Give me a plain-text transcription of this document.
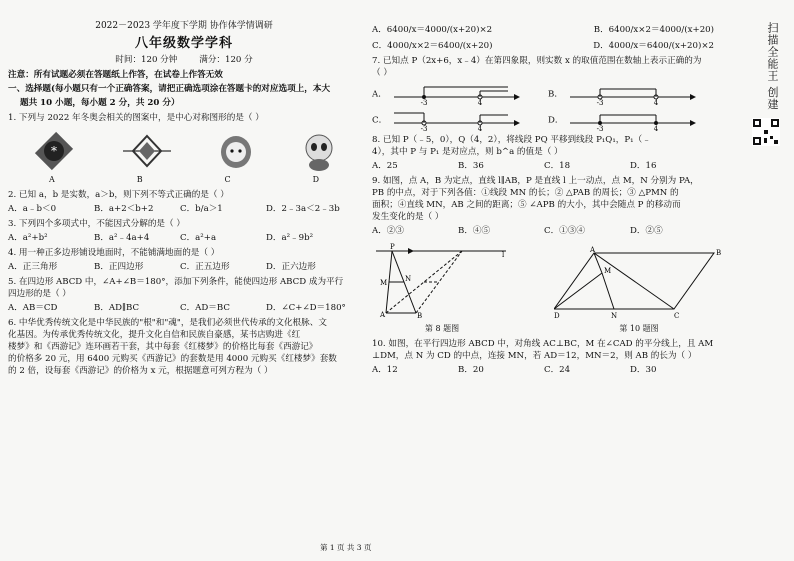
2022－2023 学年度下学期 协作体学情调研
八年级数学学科
时间：120 分钟	满分：120 分
注意：所有试题必须在答题纸上作答，在试卷上作答无效
一、选择题(每小题只有一个正确答案，请把正确选项涂在答题卡的对应选项上，本大
题共 10 小题，每小题 2 分，共 20 分）
1. 下列与 2022 年冬奥会相关的图案中，是中心对称图形的是（ ）
*
A	B	C	D
2. 已知 a，b 是实数，a＞b，则下列不等式正确的是（ ）
A．a﹣b＜0	B．a+2＜b+2	C．b/a＞1	D．2﹣3a＜2﹣3b
3. 下列四个多项式中，不能因式分解的是（ ）
A．a²+b²	B．a²﹣4a+4	C．a²+a	D．a²﹣9b²
4. 用一种正多边形铺设地面时，不能铺满地面的是（ ）
A．正三角形	B．正四边形	C．正五边形	D．正六边形
5. 在四边形 ABCD 中，∠A+∠B＝180°，添加下列条件，能使四边形 ABCD 成为平行
四边形的是（ ）
A．AB＝CD	B．AD∥BC	C．AD＝BC	D．∠C+∠D＝180°
6. 中华优秀传统文化是中华民族的"根"和"魂"，是我们必须世代传承的文化根脉、文
化基因。为传承优秀传统文化，提升文化自信和民族自豪感，某书店购进《红
楼梦》和《西游记》连环画若干套，其中每套《红楼梦》的价格比每套《西游记》
的价格多 20 元，用 6400 元购买《西游记》的套数是用 4000 元购买《红楼梦》套数
的 2 倍，设每套《西游记》的价格为 x 元，根据题意可列方程为（ ）
A．6400/x＝4000/(x+20)×2	B．6400/x×2＝4000/(x+20)
C．4000/x×2＝6400/(x+20)	D．4000/x＝6400/(x+20)×2
7. 已知点 P（2x+6，x﹣4）在第四象限，则实数 x 的取值范围在数轴上表示正确的为
（ ）
A．
-3	4
B．
-3	4
C．
-3	4
D．
-3	4
8. 已知 P（﹣5，0），Q（4，2），将线段 PQ 平移到线段 P₁Q₁，P₁（﹣
4），其中 P 与 P₁ 是对应点，则 b^a 的值是（ ）
A．25	B．36	C．18	D．16
9. 如图，点 A，B 为定点，直线 l∥AB，P 是直线 l 上一动点，点 M，N 分别为 PA，
PB 的中点，对于下列各值：①线段 MN 的长；② △PAB 的周长；③ △PMN 的
面积；④直线 MN，AB 之间的距离；⑤ ∠APB 的大小，其中会随点 P 的移动而
发生变化的是（ ）
A．②③	B．④⑤	C．①③④	D．②⑤
P
M	N
A	B
l
第 8 题图
A	B
M
D	N	C
第 10 题图
10. 如图，在平行四边形 ABCD 中，对角线 AC⊥BC，M 在∠CAD 的平分线上，且 AM
⊥DM，点 N 为 CD 的中点，连接 MN，若 AD＝12，MN＝2，则 AB 的长为（ ）
A．12	B．20	C．24	D．30
扫描全能王 创建
第 1 页 共 3 页
